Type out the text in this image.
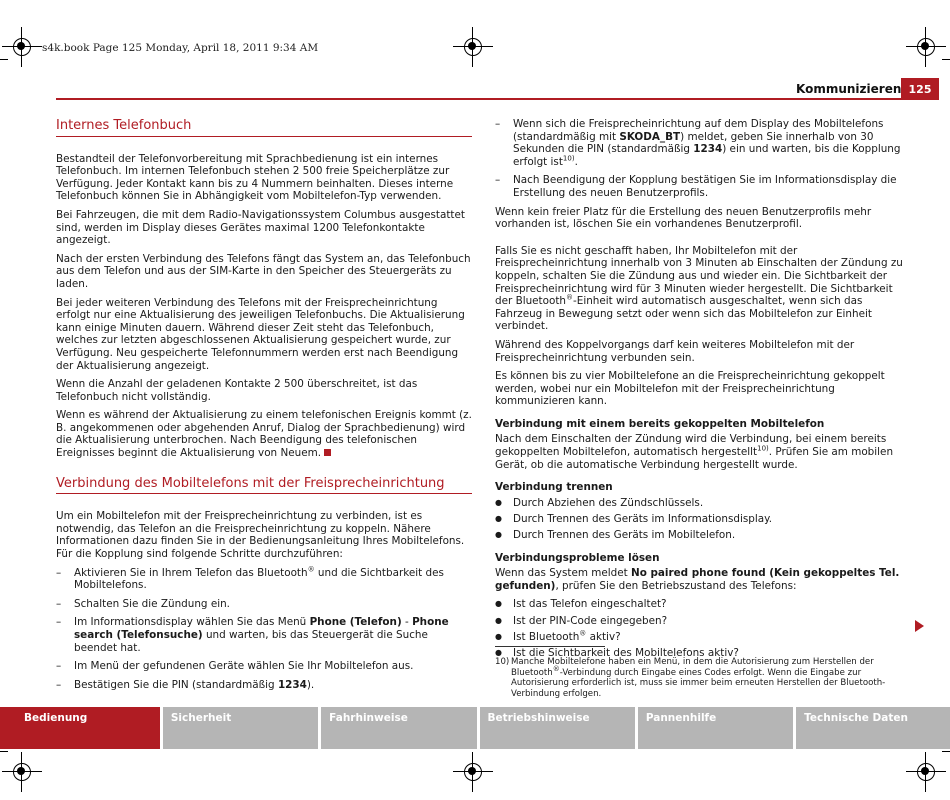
s4k.book Page 125 Monday, April 18, 2011 9:34 AM
Kommunizieren 125
Internes Telefonbuch

Bestandteil der Telefonvorbereitung mit Sprachbedienung ist ein internes Telefonbuch. Im internen Telefonbuch stehen 2 500 freie Speicherplätze zur Verfügung. Jeder Kontakt kann bis zu 4 Nummern beinhalten. Dieses interne Telefonbuch können Sie in Abhängigkeit vom Mobiltelefon-Typ verwenden.

Bei Fahrzeugen, die mit dem Radio-Navigationssystem Columbus ausgestattet sind, werden im Display dieses Gerätes maximal 1200 Telefonkontakte angezeigt.

Nach der ersten Verbindung des Telefons fängt das System an, das Telefonbuch aus dem Telefon und aus der SIM-Karte in den Speicher des Steuergeräts zu laden.

Bei jeder weiteren Verbindung des Telefons mit der Freisprecheinrichtung erfolgt nur eine Aktualisierung des jeweiligen Telefonbuchs. Die Aktualisierung kann einige Minuten dauern. Während dieser Zeit steht das Telefonbuch, welches zur letzten abgeschlossenen Aktualisierung gespeichert wurde, zur Verfügung. Neu gespeicherte Telefonnummern werden erst nach Beendigung der Aktualisierung angezeigt.

Wenn die Anzahl der geladenen Kontakte 2 500 überschreitet, ist das Telefonbuch nicht vollständig.

Wenn es während der Aktualisierung zu einem telefonischen Ereignis kommt (z. B. angekommenen oder abgehenden Anruf, Dialog der Sprachbedienung) wird die Aktualisierung unterbrochen. Nach Beendigung des telefonischen Ereignisses beginnt die Aktualisierung von Neuem.

Verbindung des Mobiltelefons mit der Freisprecheinrichtung

Um ein Mobiltelefon mit der Freisprecheinrichtung zu verbinden, ist es notwendig, das Telefon an die Freisprecheinrichtung zu koppeln. Nähere Informationen dazu finden Sie in der Bedienungsanleitung Ihres Mobiltelefons. Für die Kopplung sind folgende Schritte durchzuführen:

– Aktivieren Sie in Ihrem Telefon das Bluetooth® und die Sichtbarkeit des Mobiltelefons.
– Schalten Sie die Zündung ein.
– Im Informationsdisplay wählen Sie das Menü Phone (Telefon) - Phone search (Telefonsuche) und warten, bis das Steuergerät die Suche beendet hat.
– Im Menü der gefundenen Geräte wählen Sie Ihr Mobiltelefon aus.
– Bestätigen Sie die PIN (standardmäßig 1234).
– Wenn sich die Freisprecheinrichtung auf dem Display des Mobiltelefons (standardmäßig mit SKODA_BT) meldet, geben Sie innerhalb von 30 Sekunden die PIN (standardmäßig 1234) ein und warten, bis die Kopplung erfolgt ist$^{10)}$.
– Nach Beendigung der Kopplung bestätigen Sie im Informationsdisplay die Erstellung des neuen Benutzerprofils.

Wenn kein freier Platz für die Erstellung des neuen Benutzerprofils mehr vorhanden ist, löschen Sie ein vorhandenes Benutzerprofil.

Falls Sie es nicht geschafft haben, Ihr Mobiltelefon mit der Freisprecheinrichtung innerhalb von 3 Minuten ab Einschalten der Zündung zu koppeln, schalten Sie die Zündung aus und wieder ein. Die Sichtbarkeit der Freisprecheinrichtung wird für 3 Minuten wieder hergestellt. Die Sichtbarkeit der Bluetooth®-Einheit wird automatisch ausgeschaltet, wenn sich das Fahrzeug in Bewegung setzt oder wenn sich das Mobiltelefon zur Einheit verbindet.

Während des Koppelvorgangs darf kein weiteres Mobiltelefon mit der Freisprecheinrichtung verbunden sein.

Es können bis zu vier Mobiltelefone an die Freisprecheinrichtung gekoppelt werden, wobei nur ein Mobiltelefon mit der Freisprecheinrichtung kommunizieren kann.

Verbindung mit einem bereits gekoppelten Mobiltelefon

Nach dem Einschalten der Zündung wird die Verbindung, bei einem bereits gekoppelten Mobiltelefon, automatisch hergestellt$^{10)}$. Prüfen Sie am mobilen Gerät, ob die automatische Verbindung hergestellt wurde.

Verbindung trennen
● Durch Abziehen des Zündschlüssels.
● Durch Trennen des Geräts im Informationsdisplay.
● Durch Trennen des Geräts im Mobiltelefon.
Verbindungsprobleme lösen

Wenn das System meldet No paired phone found (Kein gekoppeltes Tel. gefunden), prüfen Sie den Betriebszustand des Telefons:

● Ist das Telefon eingeschaltet?
● Ist der PIN-Code eingegeben?
● Ist Bluetooth® aktiv?
● Ist die Sichtbarkeit des Mobiltelefons aktiv?
10) Manche Mobiltelefone haben ein Menü, in dem die Autorisierung zum Herstellen der Bluetooth®-Verbindung durch Eingabe eines Codes erfolgt. Wenn die Eingabe zur Autorisierung erforderlich ist, muss sie immer beim erneuten Herstellen der Bluetooth-Verbindung erfolgen.
Bedienung	Sicherheit	Fahrhinweise	Betriebshinweise	Pannenhilfe	Technische Daten
